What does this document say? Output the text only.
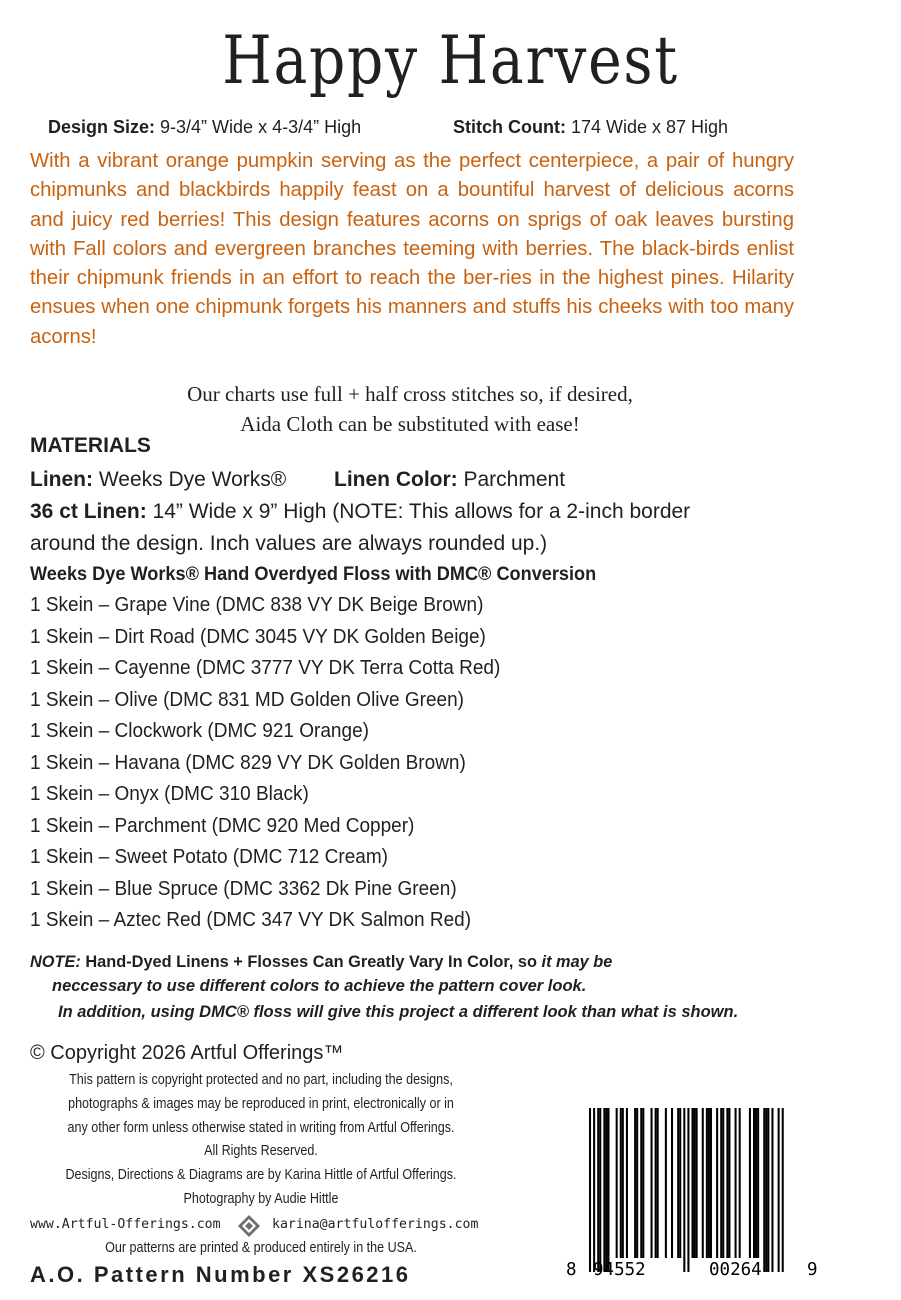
Happy Harvest
Design Size: 9-3/4” Wide x 4-3/4” High	Stitch Count: 174 Wide x 87 High
With a vibrant orange pumpkin serving as the perfect centerpiece, a pair of hungry chipmunks and blackbirds happily feast on a bountiful harvest of delicious acorns and juicy red berries! This design features acorns on sprigs of oak leaves bursting with Fall colors and evergreen branches teeming with berries. The black-birds enlist their chipmunk friends in an effort to reach the ber-ries in the highest pines. Hilarity ensues when one chipmunk forgets his manners and stuffs his cheeks with too many acorns!
Our charts use full + half cross stitches so, if desired,
Aida Cloth can be substituted with ease!
MATERIALS
Linen: Weeks Dye Works® Linen Color: Parchment
36 ct Linen: 14” Wide x 9” High (NOTE: This allows for a 2-inch border
around the design. Inch values are always rounded up.)
Weeks Dye Works® Hand Overdyed Floss with DMC® Conversion
1 Skein – Grape Vine (DMC 838 VY DK Beige Brown)
1 Skein – Dirt Road (DMC 3045 VY DK Golden Beige)
1 Skein – Cayenne (DMC 3777 VY DK Terra Cotta Red)
1 Skein – Olive (DMC 831 MD Golden Olive Green)
1 Skein – Clockwork (DMC 921 Orange)
1 Skein – Havana (DMC 829 VY DK Golden Brown)
1 Skein – Onyx (DMC 310 Black)
1 Skein – Parchment (DMC 920 Med Copper)
1 Skein – Sweet Potato (DMC 712 Cream)
1 Skein – Blue Spruce (DMC 3362 Dk Pine Green)
1 Skein – Aztec Red (DMC 347 VY DK Salmon Red)
NOTE: Hand-Dyed Linens + Flosses Can Greatly Vary In Color, so it may be
neccessary to use different colors to achieve the pattern cover look.
In addition, using DMC® floss will give this project a different look than what is shown.
© Copyright 2026 Artful Offerings™
This pattern is copyright protected and no part, including the designs,
photographs & images may be reproduced in print, electronically or in
any other form unless otherwise stated in writing from Artful Offerings.
All Rights Reserved.
Designs, Directions & Diagrams are by Karina Hittle of Artful Offerings.
Photography by Audie Hittle
www.Artful-Offerings.com	karina@artfulofferings.com
Our patterns are printed & produced entirely in the USA.
A.O. Pattern Number XS26216	8 94552	00264	9
